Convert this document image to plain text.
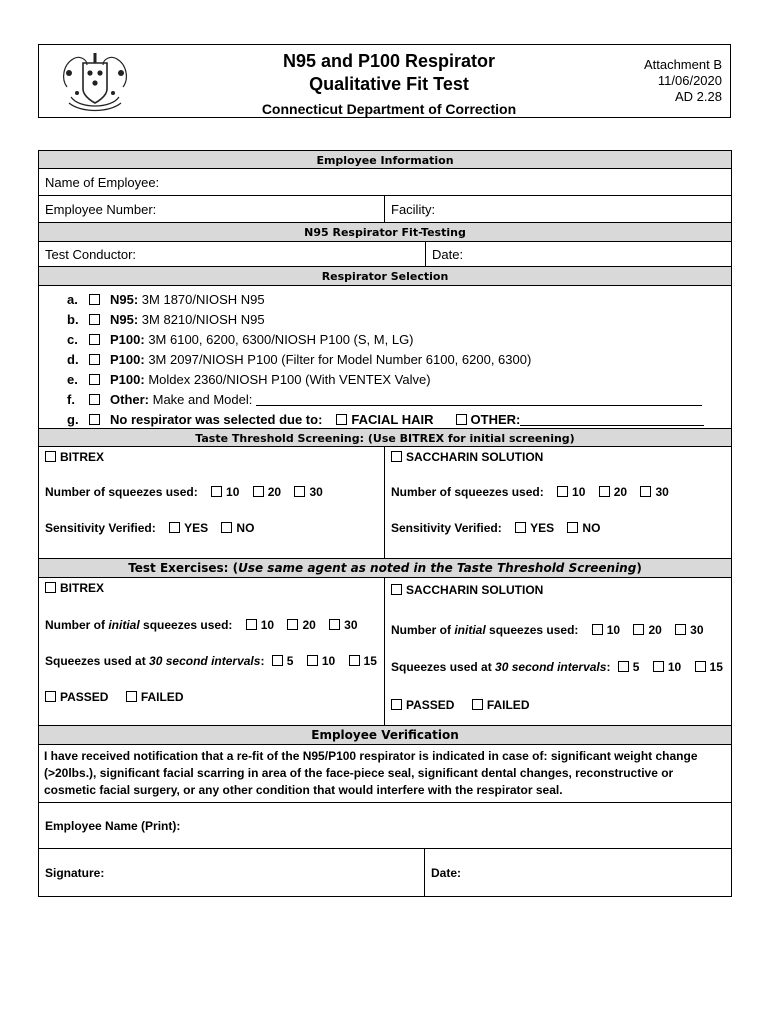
N95 and P100 Respirator
Qualitative Fit Test
Connecticut Department of Correction
Attachment B
11/06/2020
AD 2.28
Employee Information
Name of Employee:
Employee Number:	Facility:
N95 Respirator Fit-Testing
Test Conductor:	Date:
Respirator Selection
a. N95: 3M 1870/NIOSH N95
b. N95: 3M 8210/NIOSH N95
c. P100: 3M 6100, 6200, 6300/NIOSH P100 (S, M, LG)
d. P100: 3M 2097/NIOSH P100 (Filter for Model Number 6100, 6200, 6300)
e. P100: Moldex 2360/NIOSH P100 (With VENTEX Valve)
f.	Other: Make and Model:
g. No respirator was selected due to: FACIAL HAIR	OTHER:
Taste Threshold Screening: (Use BITREX for initial screening)
BITREX
Number of squeezes used: 10 20 30
Sensitivity Verified: YES NO
SACCHARIN SOLUTION
Number of squeezes used: 10 20 30
Sensitivity Verified: YES NO
Test Exercises: (Use same agent as noted in the Taste Threshold Screening)
BITREX
Number of initial squeezes used: 10 20 30
Squeezes used at 30 second intervals: 5 10 15
PASSED	FAILED
SACCHARIN SOLUTION
Number of initial squeezes used: 10 20 30
Squeezes used at 30 second intervals: 5 10 15
PASSED	FAILED
Employee Verification
I have received notification that a re-fit of the N95/P100 respirator is indicated in case of: significant weight change (>20lbs.), significant facial scarring in area of the face-piece seal, significant dental changes, reconstructive or cosmetic facial surgery, or any other condition that would interfere with the respirator seal.
Employee Name (Print):
Signature:	Date:
